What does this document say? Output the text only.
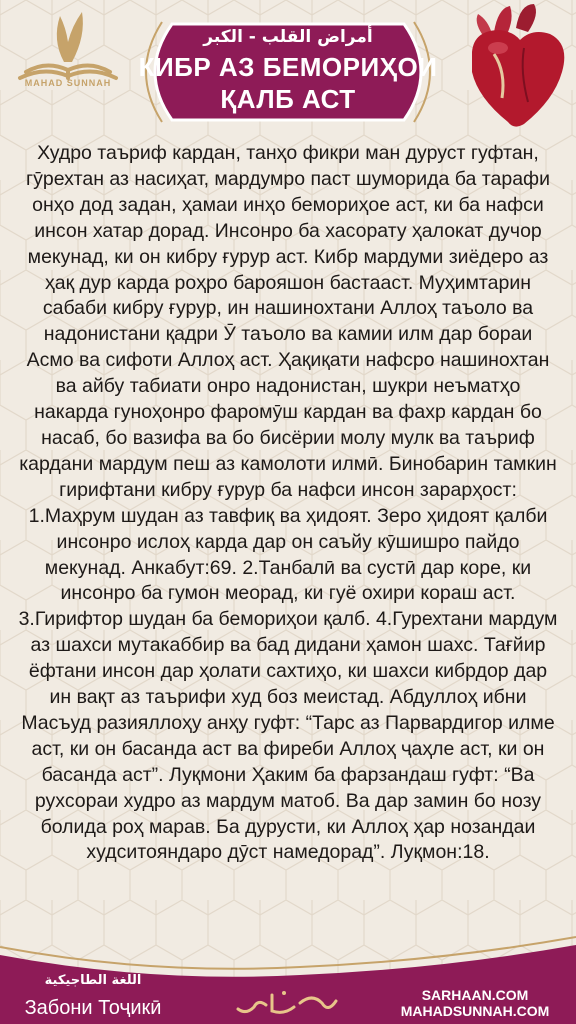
MAHAD SUNNAH
أمراض القلب - الكبر
КИБР АЗ БЕМОРИҲОИ
ҚАЛБ АСТ

Худро таъриф кардан, танҳо фикри ман дуруст гуфтан, гӯрехтан аз насиҳат, мардумро паст шуморида ба тарафи онҳо дод задан, ҳамаи инҳо бемориҳое аст, ки ба нафси инсон хатар дорад. Инсонро ба хасорату ҳалокат дучор мекунад, ки он кибру ғурур аст. Кибр мардуми зиёдеро аз ҳақ дур карда роҳро барояшон бастааст. Муҳимтарин сабаби кибру ғурур, ин нашинохтани Аллоҳ таъоло ва надонистани қадри Ӯ таъоло ва камии илм дар бораи Асмо ва сифоти Аллоҳ аст. Ҳақиқати нафсро нашинохтан ва айбу табиати онро надонистан, шукри неъматҳо накарда гуноҳонро фаромӯш кардан ва фахр кардан бо насаб, бо вазифа ва бо бисёрии молу мулк ва таъриф кардани мардум пеш аз камолоти илмӣ. Бинобарин тамкин гирифтани кибру ғурур ба нафси инсон зарарҳост: 1.Маҳрум шудан аз тавфиқ ва ҳидоят. Зеро ҳидоят қалби инсонро ислоҳ карда дар он саъйу кӯшишро пайдо мекунад. Анкабут:69. 2.Танбалӣ ва сустӣ дар коре, ки инсонро ба гумон меорад, ки гуё охири кораш аст. 3.Гирифтор шудан ба бемориҳои қалб. 4.Гурехтани мардум аз шахси мутакаббир ва бад дидани ҳамон шахс. Тағйир ёфтани инсон дар ҳолати сахтиҳо, ки шахси кибрдор дар ин вақт аз таърифи худ боз меистад. Абдуллоҳ ибни Масъуд разияллоҳу анҳу гуфт: “Тарс аз Парвардигор илме аст, ки он басанда аст ва фиреби Аллоҳ ҷаҳле аст, ки он басанда аст”. Луқмони Ҳаким ба фарзандаш гуфт: “Ва рухсораи худро аз мардум матоб. Ва дар замин бо нозу болида роҳ марав. Ба дурусти, ки Аллоҳ ҳар нозандаи худситояндаро дӯст намедорад”. Луқмон:18.

اللغة الطاجيكية
Забони Тоҷикӣ
SARHAAN.COM
MAHADSUNNAH.COM
